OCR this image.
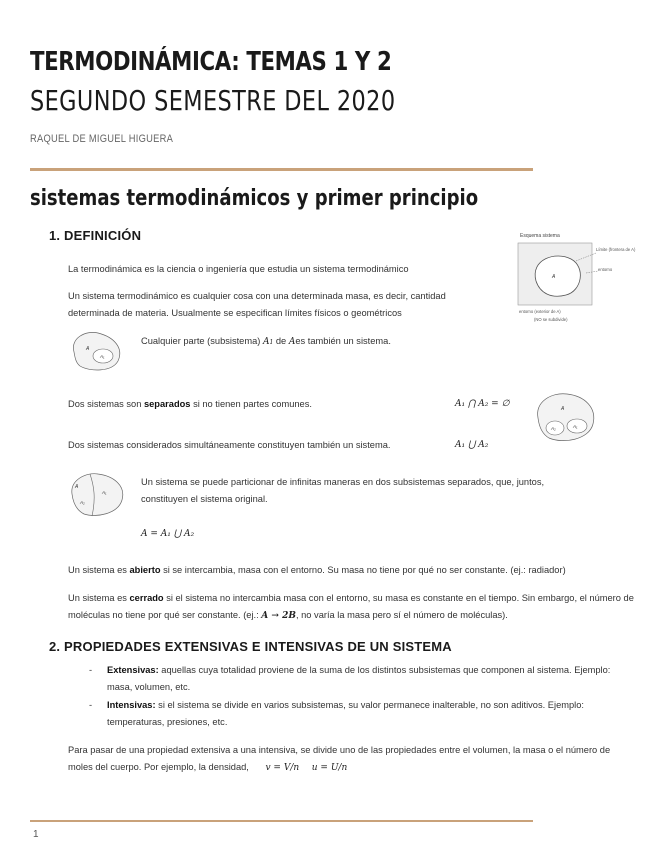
TERMODINÁMICA: TEMAS 1 Y 2
SEGUNDO SEMESTRE DEL 2020
RAQUEL DE MIGUEL HIGUERA
sistemas termodinámicos y primer principio
1. DEFINICIÓN
La termodinámica es la ciencia o ingeniería que estudia un sistema termodinámico
Un sistema termodinámico es cualquier cosa con una determinada masa, es decir, cantidad determinada de materia. Usualmente se especifican límites físicos o geométricos
Esquema sistema
A
Límite (frontera de A)
entorno
entorno (exterior de A)
(NO se subdivide)
A
A₁
Cualquier parte (subsistema) A1 de Aes también un sistema.
Dos sistemas son separados si no tienen partes comunes.	A₁ ⋂ A₂ = ∅	A
A₂	A₁
Dos sistemas considerados simultáneamente constituyen también un sistema.	A₁ ⋃ A₂
A
A₂
A₁
Un sistema se puede particionar de infinitas maneras en dos subsistemas separados, que, juntos, constituyen el sistema original.
A = A₁ ⋃ A₂
Un sistema es abierto si se intercambia, masa con el entorno. Su masa no tiene por qué no ser constante. (ej.: radiador)
Un sistema es cerrado si el sistema no intercambia masa con el entorno, su masa es constante en el tiempo. Sin embargo, el número de moléculas no tiene por qué ser constante. (ej.: A → 2B, no varía la masa pero sí el número de moléculas).
2. PROPIEDADES EXTENSIVAS E INTENSIVAS DE UN SISTEMA
-	Extensivas: aquellas cuya totalidad proviene de la suma de los distintos subsistemas que componen al sistema. Ejemplo: masa, volumen, etc.
-	Intensivas: si el sistema se divide en varios subsistemas, su valor permanece inalterable, no son aditivos. Ejemplo: temperaturas, presiones, etc.
Para pasar de una propiedad extensiva a una intensiva, se divide uno de las propiedades entre el volumen, la masa o el número de moles del cuerpo. Por ejemplo, la densidad, v = V/n u = U/n
1
